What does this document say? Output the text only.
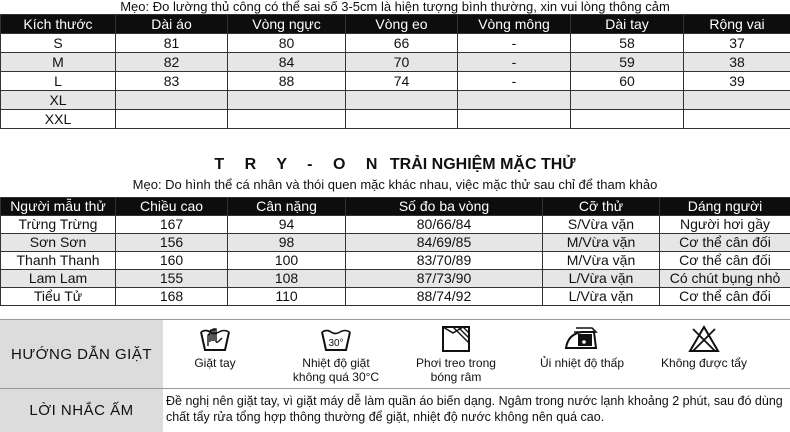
Mẹo: Đo lường thủ công có thể sai số 3-5cm là hiện tượng bình thường, xin vui lòng thông cảm
Kích thước	Dài áo	Vòng ngực	Vòng eo	Vòng mông	Dài tay	Rộng vai
S	81	80	66	-	58	37
M	82	84	70	-	59	38
L	83	88	74	-	60	39
XL						
XXL						
T R Y - O N TRẢI NGHIỆM MẶC THỬ
Mẹo: Do hình thể cá nhân và thói quen mặc khác nhau, việc mặc thử sau chỉ để tham khảo
Người mẫu thử	Chiều cao	Cân nặng	Số đo ba vòng	Cỡ thử	Dáng người
Trừng Trừng	167	94	80/66/84	S/Vừa vặn	Người hơi gầy
Sơn Sơn	156	98	84/69/85	M/Vừa vặn	Cơ thể cân đối
Thanh Thanh	160	100	83/70/89	M/Vừa vặn	Cơ thể cân đối
Lam Lam	155	108	87/73/90	L/Vừa vặn	Có chút bụng nhỏ
Tiểu Tử	168	110	88/74/92	L/Vừa vặn	Cơ thể cân đối
HƯỚNG DẪN GIẶT
Giặt tay
30°
Nhiệt độ giặt
không quá 30°C
Phơi treo trong
bóng râm
Ủi nhiệt độ thấp	Không được tẩy
LỜI NHẮC ẤM
Đề nghị nên giặt tay, vì giặt máy dễ làm quần áo biến dạng. Ngâm trong nước lạnh khoảng 2 phút, sau đó dùng chất tẩy rửa tổng hợp thông thường để giặt, nhiệt độ nước không nên quá cao.
